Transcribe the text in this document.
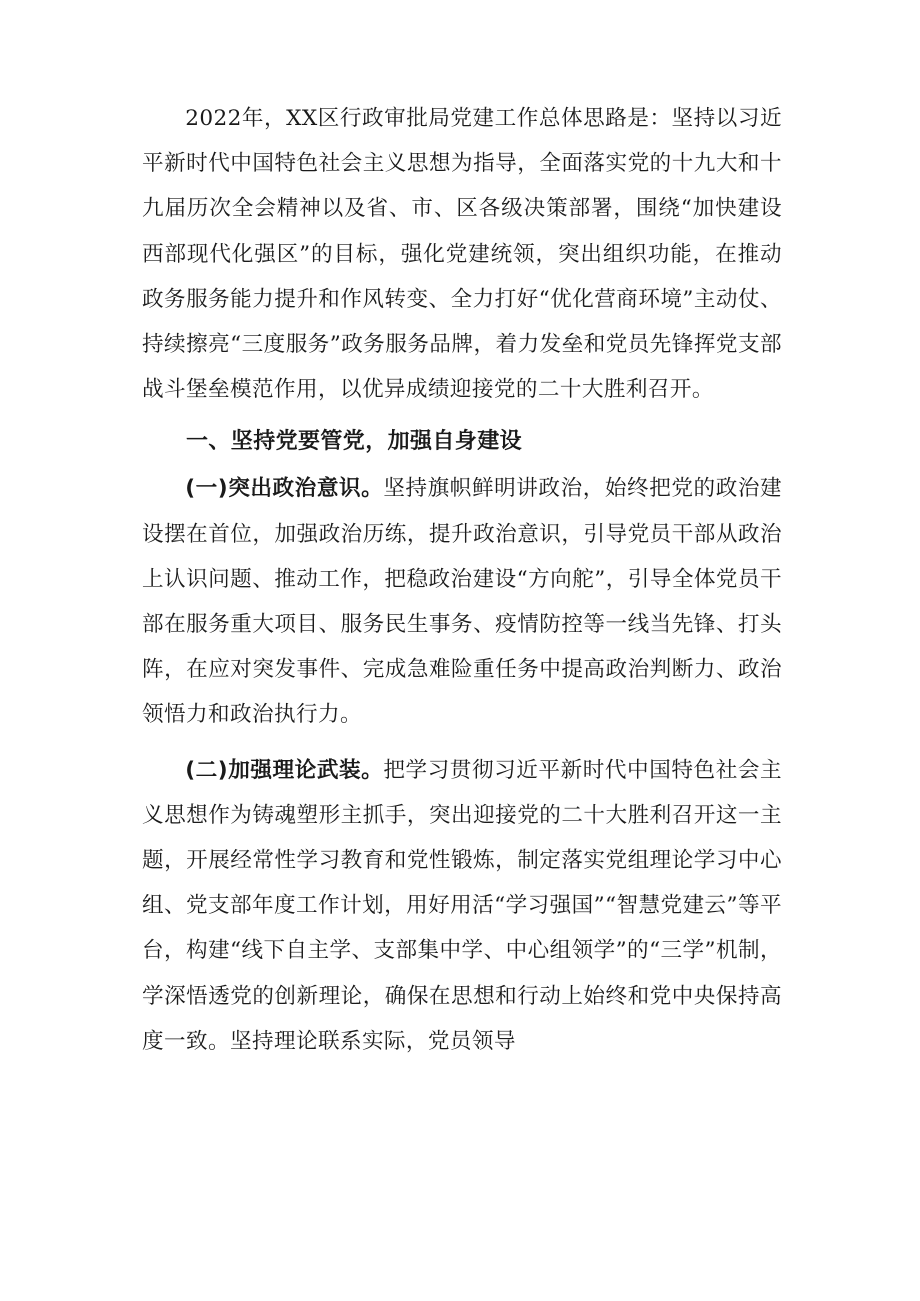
2022年，XX区行政审批局党建工作总体思路是：坚持以习近平新时代中国特色社会主义思想为指导，全面落实党的十九大和十九届历次全会精神以及省、市、区各级决策部署，围绕“加快建设西部现代化强区”的目标，强化党建统领，突出组织功能，在推动政务服务能力提升和作风转变、全力打好“优化营商环境”主动仗、持续擦亮“三度服务”政务服务品牌，着力发垒和党员先锋挥党支部战斗堡垒模范作用，以优异成绩迎接党的二十大胜利召开。

一、坚持党要管党，加强自身建设

(一)突出政治意识。坚持旗帜鲜明讲政治，始终把党的政治建设摆在首位，加强政治历练，提升政治意识，引导党员干部从政治上认识问题、推动工作，把稳政治建设“方向舵”，引导全体党员干部在服务重大项目、服务民生事务、疫情防控等一线当先锋、打头阵，在应对突发事件、完成急难险重任务中提高政治判断力、政治领悟力和政治执行力。

(二)加强理论武装。把学习贯彻习近平新时代中国特色社会主义思想作为铸魂塑形主抓手，突出迎接党的二十大胜利召开这一主题，开展经常性学习教育和党性锻炼，制定落实党组理论学习中心组、党支部年度工作计划，用好用活“学习强国”“智慧党建云”等平台，构建“线下自主学、支部集中学、中心组领学”的“三学”机制，学深悟透党的创新理论，确保在思想和行动上始终和党中央保持高度一致。坚持理论联系实际，党员领导
